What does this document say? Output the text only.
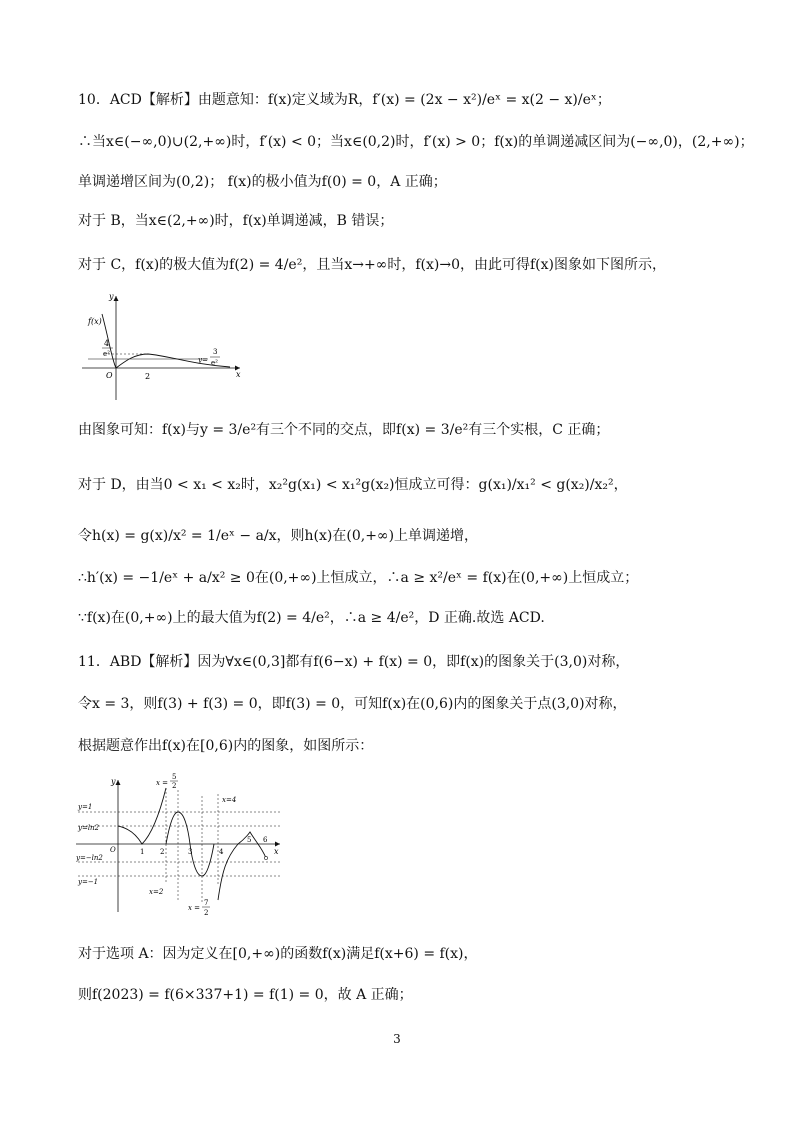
10．ACD【解析】由题意知：f(x)定义域为R，f′(x) = (2x − x²)/eˣ = x(2 − x)/eˣ；
∴当x∈(−∞,0)∪(2,+∞)时，f′(x) < 0；当x∈(0,2)时，f′(x) > 0；f(x)的单调递减区间为(−∞,0)，(2,+∞)；
单调递增区间为(0,2)； f(x)的极小值为f(0) = 0，A 正确；
对于 B，当x∈(2,+∞)时，f(x)单调递减，B 错误；
对于 C，f(x)的极大值为f(2) = 4/e²，且当x→+∞时，f(x)→0，由此可得f(x)图象如下图所示，
y
x
f(x)
4
e²
O	2
y=
3
e²
由图象可知：f(x)与y = 3/e²有三个不同的交点，即f(x) = 3/e²有三个实根，C 正确；
对于 D，由当0 < x₁ < x₂时，x₂²g(x₁) < x₁²g(x₂)恒成立可得：g(x₁)/x₁² < g(x₂)/x₂²，
令h(x) = g(x)/x² = 1/eˣ − a/x，则h(x)在(0,+∞)上单调递增，
∴h′(x) = −1/eˣ + a/x² ≥ 0在(0,+∞)上恒成立，∴a ≥ x²/eˣ = f(x)在(0,+∞)上恒成立；
∵f(x)在(0,+∞)上的最大值为f(2) = 4/e²，∴a ≥ 4/e²，D 正确.故选 ACD.
11．ABD【解析】因为∀x∈(0,3]都有f(6−x) + f(x) = 0，即f(x)的图象关于(3,0)对称，
令x = 3，则f(3) + f(3) = 0，即f(3) = 0，可知f(x)在(0,6)内的图象关于点(3,0)对称，
根据题意作出f(x)在[0,6)内的图象，如图所示：
y
x
O
y=1
y=ln2
y=−ln2
y=−1
1 2	3	4
5 6
x =
5
2
x=4
x=2
x =
7
2
对于选项 A：因为定义在[0,+∞)的函数f(x)满足f(x+6) = f(x)，
则f(2023) = f(6×337+1) = f(1) = 0，故 A 正确；
3
